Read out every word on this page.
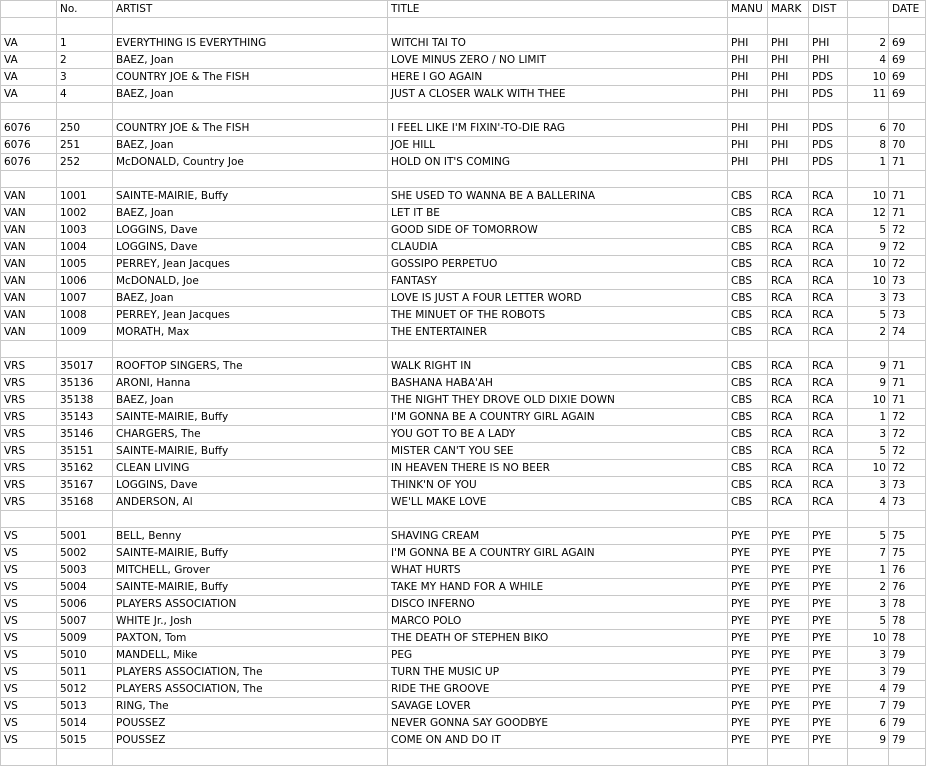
	No.	ARTIST	TITLE	MANU	MARK	DIST		DATE

VA	1	EVERYTHING IS EVERYTHING	WITCHI TAI TO	PHI	PHI	PHI	2	69
VA	2	BAEZ, Joan	LOVE MINUS ZERO / NO LIMIT	PHI	PHI	PHI	4	69
VA	3	COUNTRY JOE & The FISH	HERE I GO AGAIN	PHI	PHI	PDS	10	69
VA	4	BAEZ, Joan	JUST A CLOSER WALK WITH THEE	PHI	PHI	PDS	11	69

6076	250	COUNTRY JOE & The FISH	I FEEL LIKE I'M FIXIN'-TO-DIE RAG	PHI	PHI	PDS	6	70
6076	251	BAEZ, Joan	JOE HILL	PHI	PHI	PDS	8	70
6076	252	McDONALD, Country Joe	HOLD ON IT'S COMING	PHI	PHI	PDS	1	71

VAN	1001	SAINTE-MAIRIE, Buffy	SHE USED TO WANNA BE A BALLERINA	CBS	RCA	RCA	10	71
VAN	1002	BAEZ, Joan	LET IT BE	CBS	RCA	RCA	12	71
VAN	1003	LOGGINS, Dave	GOOD SIDE OF TOMORROW	CBS	RCA	RCA	5	72
VAN	1004	LOGGINS, Dave	CLAUDIA	CBS	RCA	RCA	9	72
VAN	1005	PERREY, Jean Jacques	GOSSIPO PERPETUO	CBS	RCA	RCA	10	72
VAN	1006	McDONALD, Joe	FANTASY	CBS	RCA	RCA	10	73
VAN	1007	BAEZ, Joan	LOVE IS JUST A FOUR LETTER WORD	CBS	RCA	RCA	3	73
VAN	1008	PERREY, Jean Jacques	THE MINUET OF THE ROBOTS	CBS	RCA	RCA	5	73
VAN	1009	MORATH, Max	THE ENTERTAINER	CBS	RCA	RCA	2	74

VRS	35017	ROOFTOP SINGERS, The	WALK RIGHT IN	CBS	RCA	RCA	9	71
VRS	35136	ARONI, Hanna	BASHANA HABA'AH	CBS	RCA	RCA	9	71
VRS	35138	BAEZ, Joan	THE NIGHT THEY DROVE OLD DIXIE DOWN	CBS	RCA	RCA	10	71
VRS	35143	SAINTE-MAIRIE, Buffy	I'M GONNA BE A COUNTRY GIRL AGAIN	CBS	RCA	RCA	1	72
VRS	35146	CHARGERS, The	YOU GOT TO BE A LADY	CBS	RCA	RCA	3	72
VRS	35151	SAINTE-MAIRIE, Buffy	MISTER CAN'T YOU SEE	CBS	RCA	RCA	5	72
VRS	35162	CLEAN LIVING	IN HEAVEN THERE IS NO BEER	CBS	RCA	RCA	10	72
VRS	35167	LOGGINS, Dave	THINK'N OF YOU	CBS	RCA	RCA	3	73
VRS	35168	ANDERSON, Al	WE'LL MAKE LOVE	CBS	RCA	RCA	4	73

VS	5001	BELL, Benny	SHAVING CREAM	PYE	PYE	PYE	5	75
VS	5002	SAINTE-MAIRIE, Buffy	I'M GONNA BE A COUNTRY GIRL AGAIN	PYE	PYE	PYE	7	75
VS	5003	MITCHELL, Grover	WHAT HURTS	PYE	PYE	PYE	1	76
VS	5004	SAINTE-MAIRIE, Buffy	TAKE MY HAND FOR A WHILE	PYE	PYE	PYE	2	76
VS	5006	PLAYERS ASSOCIATION	DISCO INFERNO	PYE	PYE	PYE	3	78
VS	5007	WHITE Jr., Josh	MARCO POLO	PYE	PYE	PYE	5	78
VS	5009	PAXTON, Tom	THE DEATH OF STEPHEN BIKO	PYE	PYE	PYE	10	78
VS	5010	MANDELL, Mike	PEG	PYE	PYE	PYE	3	79
VS	5011	PLAYERS ASSOCIATION, The	TURN THE MUSIC UP	PYE	PYE	PYE	3	79
VS	5012	PLAYERS ASSOCIATION, The	RIDE THE GROOVE	PYE	PYE	PYE	4	79
VS	5013	RING, The	SAVAGE LOVER	PYE	PYE	PYE	7	79
VS	5014	POUSSEZ	NEVER GONNA SAY GOODBYE	PYE	PYE	PYE	6	79
VS	5015	POUSSEZ	COME ON AND DO IT	PYE	PYE	PYE	9	79
